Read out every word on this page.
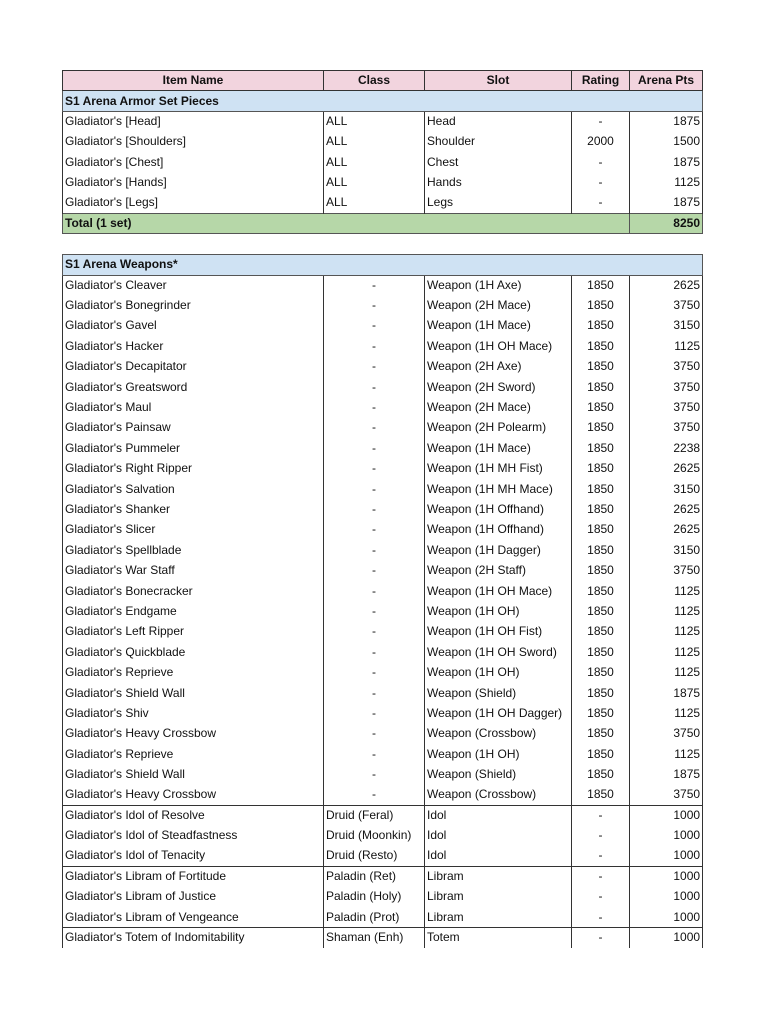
Item Name	Class	Slot	Rating	Arena Pts
S1 Arena Armor Set Pieces				
Gladiator's [Head]	ALL	Head	-	1875
Gladiator's [Shoulders]	ALL	Shoulder	2000	1500
Gladiator's [Chest]	ALL	Chest	-	1875
Gladiator's [Hands]	ALL	Hands	-	1125
Gladiator's [Legs]	ALL	Legs	-	1875
Total (1 set)				8250
S1 Arena Weapons*				
Gladiator's Cleaver	-	Weapon (1H Axe)	1850	2625
Gladiator's Bonegrinder	-	Weapon (2H Mace)	1850	3750
Gladiator's Gavel	-	Weapon (1H Mace)	1850	3150
Gladiator's Hacker	-	Weapon (1H OH Mace)	1850	1125
Gladiator's Decapitator	-	Weapon (2H Axe)	1850	3750
Gladiator's Greatsword	-	Weapon (2H Sword)	1850	3750
Gladiator's Maul	-	Weapon (2H Mace)	1850	3750
Gladiator's Painsaw	-	Weapon (2H Polearm)	1850	3750
Gladiator's Pummeler	-	Weapon (1H Mace)	1850	2238
Gladiator's Right Ripper	-	Weapon (1H MH Fist)	1850	2625
Gladiator's Salvation	-	Weapon (1H MH Mace)	1850	3150
Gladiator's Shanker	-	Weapon (1H Offhand)	1850	2625
Gladiator's Slicer	-	Weapon (1H Offhand)	1850	2625
Gladiator's Spellblade	-	Weapon (1H Dagger)	1850	3150
Gladiator's War Staff	-	Weapon (2H Staff)	1850	3750
Gladiator's Bonecracker	-	Weapon (1H OH Mace)	1850	1125
Gladiator's Endgame	-	Weapon (1H OH)	1850	1125
Gladiator's Left Ripper	-	Weapon (1H OH Fist)	1850	1125
Gladiator's Quickblade	-	Weapon (1H OH Sword)	1850	1125
Gladiator's Reprieve	-	Weapon (1H OH)	1850	1125
Gladiator's Shield Wall	-	Weapon (Shield)	1850	1875
Gladiator's Shiv	-	Weapon (1H OH Dagger)	1850	1125
Gladiator's Heavy Crossbow	-	Weapon (Crossbow)	1850	3750
Gladiator's Reprieve	-	Weapon (1H OH)	1850	1125
Gladiator's Shield Wall	-	Weapon (Shield)	1850	1875
Gladiator's Heavy Crossbow	-	Weapon (Crossbow)	1850	3750
Gladiator's Idol of Resolve	Druid (Feral)	Idol	-	1000
Gladiator's Idol of Steadfastness	Druid (Moonkin)	Idol	-	1000
Gladiator's Idol of Tenacity	Druid (Resto)	Idol	-	1000
Gladiator's Libram of Fortitude	Paladin (Ret)	Libram	-	1000
Gladiator's Libram of Justice	Paladin (Holy)	Libram	-	1000
Gladiator's Libram of Vengeance	Paladin (Prot)	Libram	-	1000
Gladiator's Totem of Indomitability	Shaman (Enh)	Totem	-	1000
